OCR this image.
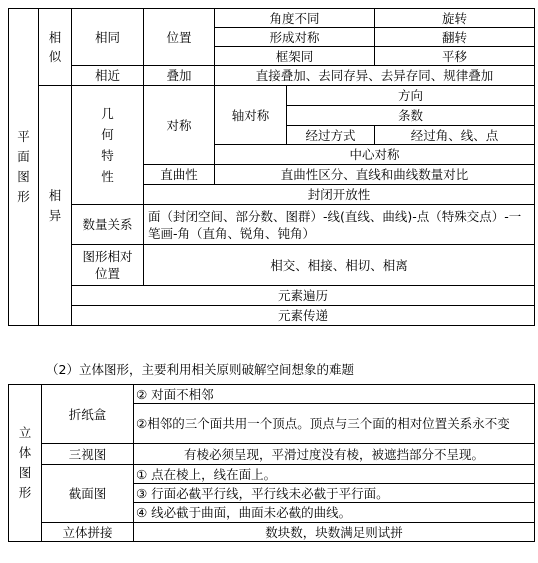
平面图形	相似	相同	位置	角度不同		旋转
				形成对称		翻转
				框架同		平移
		相近	叠加	直接叠加、去同存异、去异存同、规律叠加		

	相异	几何特性	对称	轴对称	方向	
					条数	
					经过方式	经过角、线、点
				中心对称		
			直曲性	直曲性区分、直线和曲线数量对比		
			封闭开放性			
		数量关系	面（封闭空间、部分数、图群）-线(直线、曲线)-点（特殊交点）-一笔画-角（直角、锐角、钝角）			
		图形相对位置	相交、相接、相切、相离			
		元素遍历				
		元素传递				
（2）立体图形，主要利用相关原则破解空间想象的难题
立体图形	折纸盒	② 对面不相邻
		②相邻的三个面共用一个顶点。顶点与三个面的相对位置关系永不变
	三视图	有棱必须呈现，平滑过度没有棱，被遮挡部分不呈现。
	截面图	① 点在棱上，线在面上。
		③ 行面必截平行线，平行线未必截于平行面。
		④ 线必截于曲面，曲面未必截的曲线。
	立体拼接	数块数，块数满足则试拼
